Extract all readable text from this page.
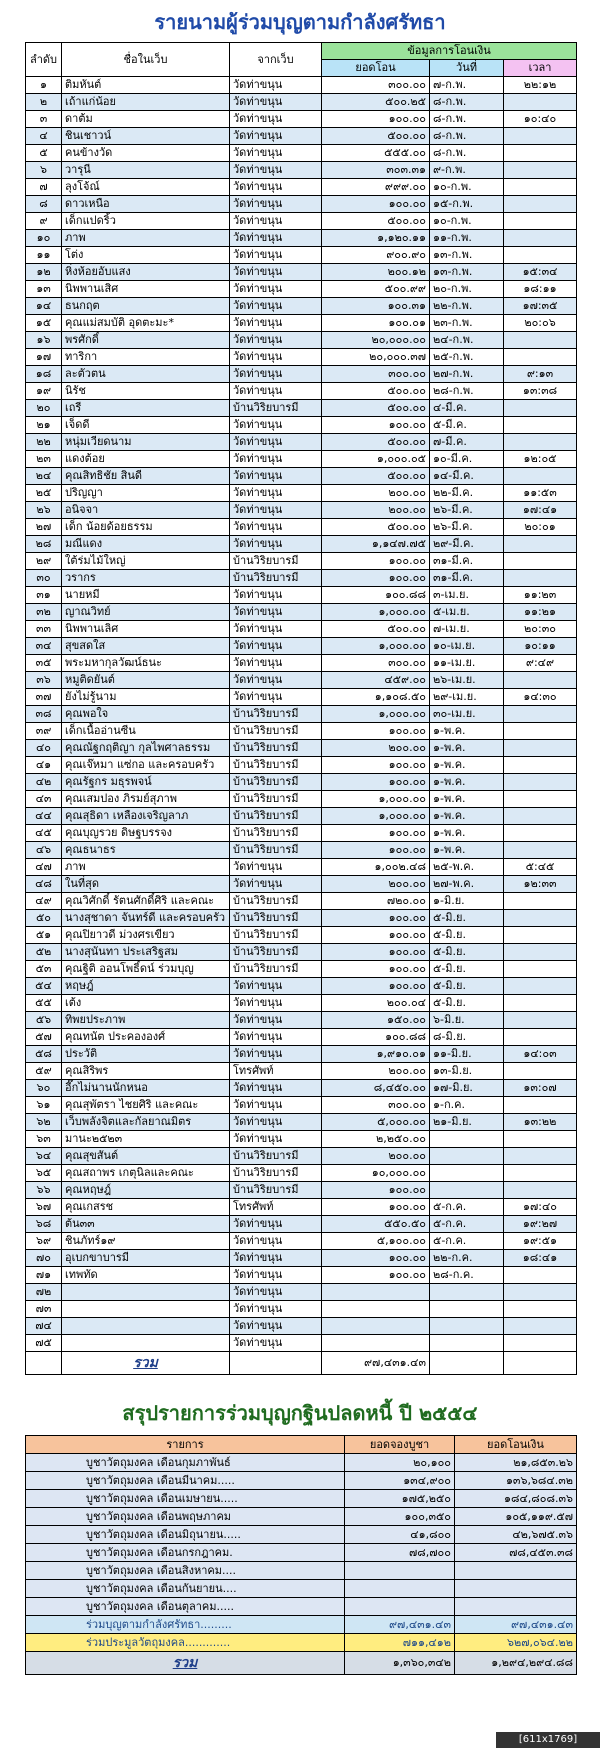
รายนามผู้ร่วมบุญตามกำลังศรัทธา
ลำดับ	ชื่อในเว็บ	จากเว็บ	ข้อมูลการโอนเงิน		
			ยอดโอน	วันที่	เวลา
๑	ติมหันต์	วัดท่าขนุน	๓๐๐.๐๐	๗-ก.พ.	๒๒:๑๒
๒	เถ้าแก่น้อย	วัดท่าขนุน	๕๐๐.๒๕	๘-ก.พ.	
๓	ดาต้ม	วัดท่าขนุน	๑๐๐.๐๐	๘-ก.พ.	๑๐:๔๐
๔	ชินเชาวน์	วัดท่าขนุน	๕๐๐.๐๐	๘-ก.พ.	
๕	คนข้างวัด	วัดท่าขนุน	๕๕๕.๐๐	๘-ก.พ.	
๖	วารุนี	วัดท่าขนุน	๓๐๓.๓๑	๙-ก.พ.	
๗	ลุงโจ้ณ์	วัดท่าขนุน	๙๙๙.๐๐	๑๐-ก.พ.	
๘	ดาวเหนือ	วัดท่าขนุน	๑๐๐.๐๐	๑๕-ก.พ.	
๙	เด็กแปดริ้ว	วัดท่าขนุน	๕๐๐.๐๐	๑๐-ก.พ.	
๑๐	ภาพ	วัดท่าขนุน	๑,๑๒๐.๑๑	๑๑-ก.พ.	
๑๑	โต่ง	วัดท่าขนุน	๙๐๐.๙๐	๑๓-ก.พ.	
๑๒	หิ่งห้อยอับแสง	วัดท่าขนุน	๒๐๐.๑๒	๑๓-ก.พ.	๑๕:๓๔
๑๓	นิพพานเสิศ	วัดท่าขนุน	๕๐๐.๙๙	๒๐-ก.พ.	๑๘:๑๑
๑๔	ธนกฤต	วัดท่าขนุน	๑๐๐.๓๑	๒๒-ก.พ.	๑๗:๓๕
๑๕	คุณแม่สมบัติ อุดตะมะ*	วัดท่าขนุน	๑๐๐.๐๑	๒๓-ก.พ.	๒๐:๐๖
๑๖	พรศักดิ์	วัดท่าขนุน	๒๐,๐๐๐.๐๐	๒๔-ก.พ.	
๑๗	ทาริกา	วัดท่าขนุน	๒๐,๐๐๐.๓๗	๒๕-ก.พ.	
๑๘	ละตัวตน	วัดท่าขนุน	๓๐๐.๐๐	๒๗-ก.พ.	๙:๑๓
๑๙	นิรัช	วัดท่าขนุน	๕๐๐.๐๐	๒๘-ก.พ.	๑๓:๓๘
๒๐	เถรี	บ้านวิริยบารมี	๕๐๐.๐๐	๔-มี.ค.	
๒๑	เจ็ดดี	วัดท่าขนุน	๑๐๐.๐๐	๕-มี.ค.	
๒๒	หนุ่มเวียดนาม	วัดท่าขนุน	๕๐๐.๐๐	๗-มี.ค.	
๒๓	แดงต้อย	วัดท่าขนุน	๑,๐๐๐.๐๕	๑๐-มี.ค.	๑๒:๐๕
๒๔	คุณสิทธิชัย สินดี	วัดท่าขนุน	๕๐๐.๐๐	๑๔-มี.ค.	
๒๕	ปริญญา	วัดท่าขนุน	๒๐๐.๐๐	๒๒-มี.ค.	๑๑:๕๓
๒๖	อนิจจา	วัดท่าขนุน	๒๐๐.๐๐	๒๖-มี.ค.	๑๗:๔๑
๒๗	เด็ก น้อยด้อยธรรม	วัดท่าขนุน	๕๐๐.๐๐	๒๖-มี.ค.	๒๐:๐๑
๒๘	มณีแดง	วัดท่าขนุน	๑,๑๔๗.๗๕	๒๙-มี.ค.	
๒๙	ใต้ร่มไม้ใหญ่	บ้านวิริยบารมี	๑๐๐.๐๐	๓๑-มี.ค.	
๓๐	วรากร	บ้านวิริยบารมี	๑๐๐.๐๐	๓๑-มี.ค.	
๓๑	นายหมี	วัดท่าขนุน	๑๐๐.๘๘	๓-เม.ย.	๑๑:๒๓
๓๒	ญาณวิทย์	วัดท่าขนุน	๑,๐๐๐.๐๐	๕-เม.ย.	๑๑:๒๑
๓๓	นิพพานเลิศ	วัดท่าขนุน	๕๐๐.๐๐	๗-เม.ย.	๒๐:๓๐
๓๔	สุขสดใส	วัดท่าขนุน	๑,๐๐๐.๐๐	๑๐-เม.ย.	๑๐:๑๑
๓๕	พระมหากุลวัฒน์ธนะ	วัดท่าขนุน	๓๐๐.๐๐	๑๑-เม.ย.	๙:๔๙
๓๖	หมูติดยันต์	วัดท่าขนุน	๔๕๙.๐๐	๒๖-เม.ย.	
๓๗	ยังไม่รู้นาม	วัดท่าขนุน	๑,๑๐๘.๕๐	๒๙-เม.ย.	๑๔:๓๐
๓๘	คุณพอใจ	บ้านวิริยบารมี	๑,๐๐๐.๐๐	๓๐-เม.ย.	
๓๙	เด็กเนื้ออ่านซีน	บ้านวิริยบารมี	๑๐๐.๐๐	๑-พ.ค.	
๔๐	คุณณัฐกฤติญา กุลไพศาลธรรม	บ้านวิริยบารมี	๒๐๐.๐๐	๑-พ.ค.	
๔๑	คุณเจ๊หมา แซ่กอ และครอบครัว	บ้านวิริยบารมี	๑๐๐.๐๐	๑-พ.ค.	
๔๒	คุณรัฐกร มธุรพจน์	บ้านวิริยบารมี	๑๐๐.๐๐	๑-พ.ค.	
๔๓	คุณเสมปอง ภิรมย์สุภาพ	บ้านวิริยบารมี	๑,๐๐๐.๐๐	๑-พ.ค.	
๔๔	คุณสุธิดา เหลืองเจริญลาภ	บ้านวิริยบารมี	๑,๐๐๐.๐๐	๑-พ.ค.	
๔๕	คุณบุญรวย ดิษฐบรรจง	บ้านวิริยบารมี	๑๐๐.๐๐	๑-พ.ค.	
๔๖	คุณธนาธร	บ้านวิริยบารมี	๑๐๐.๐๐	๑-พ.ค.	
๔๗	ภาพ	วัดท่าขนุน	๑,๐๐๒.๔๘	๒๕-พ.ค.	๕:๔๕
๔๘	ในที่สุด	วัดท่าขนุน	๒๐๐.๐๐	๒๗-พ.ค.	๑๒:๓๓
๔๙	คุณวิศักดิ์ รัตนศักดิ์ศิริ และคณะ	บ้านวิริยบารมี	๗๒๐.๐๐	๑-มิ.ย.	
๕๐	นางสุชาดา จันทร์ดี และครอบครัว	บ้านวิริยบารมี	๑๐๐.๐๐	๕-มิ.ย.	
๕๑	คุณปิยาวดี ม่วงศรเขียว	บ้านวิริยบารมี	๑๐๐.๐๐	๕-มิ.ย.	
๕๒	นางสุนันทา ประเสริฐสม	บ้านวิริยบารมี	๑๐๐.๐๐	๕-มิ.ย.	
๕๓	คุณฐิติ ออนโพธิ์ดน์ ร่วมบุญ	บ้านวิริยบารมี	๑๐๐.๐๐	๕-มิ.ย.	
๕๔	หฤษฎ์	วัดท่าขนุน	๑๐๐.๐๐	๕-มิ.ย.	
๕๕	เต้ง	วัดท่าขนุน	๒๐๐.๐๔	๕-มิ.ย.	
๕๖	ทิพยประภาพ	วัดท่าขนุน	๑๕๐.๐๐	๖-มิ.ย.	
๕๗	คุณทนัต ประคององศ์	วัดท่าขนุน	๑๐๐.๘๘	๘-มิ.ย.	
๕๘	ประวัติ	วัดท่าขนุน	๑,๙๑๐.๐๑	๑๑-มิ.ย.	๑๔:๐๓
๕๙	คุณสิริพร	โทรศัพท์	๒๐๐.๐๐	๑๓-มิ.ย.	
๖๐	อี๊กไม่นานนักหนอ	วัดท่าขนุน	๘,๔๕๐.๐๐	๑๗-มิ.ย.	๑๓:๐๗
๖๑	คุณสุพัตรา ไชยศิริ และคณะ	วัดท่าขนุน	๓๐๐.๐๐	๑-ก.ค.	
๖๒	เว็บพลังจิตและกัลยาณมิตร	วัดท่าขนุน	๕,๐๐๐.๐๐	๒๑-มิ.ย.	๑๓:๒๒
๖๓	มานะ๒๕๒๓	วัดท่าขนุน	๒,๒๕๐.๐๐		
๖๔	คุณสุขสันต์	บ้านวิริยบารมี	๒๐๐.๐๐		
๖๕	คุณสถาพร เกตุนิลและคณะ	บ้านวิริยบารมี	๑๐,๐๐๐.๐๐		
๖๖	คุณหฤษฎ์	บ้านวิริยบารมี	๑๐๐.๐๐		
๖๗	คุณเกสรช	โทรศัพท์	๑๐๐.๐๐	๕-ก.ค.	๑๗:๔๐
๖๘	ต้น๓๓	วัดท่าขนุน	๕๕๐.๕๐	๕-ก.ค.	๑๙:๒๗
๖๙	ชินภัทร์๑๙	วัดท่าขนุน	๕,๑๐๐.๐๐	๕-ก.ค.	๑๙:๕๑
๗๐	อุเบกขาบารมี	วัดท่าขนุน	๑๐๐.๐๐	๒๒-ก.ค.	๑๘:๔๑
๗๑	เทพทัด	วัดท่าขนุน	๑๐๐.๐๐	๒๘-ก.ค.	
๗๒		วัดท่าขนุน			
๗๓		วัดท่าขนุน			
๗๔		วัดท่าขนุน			
๗๕		วัดท่าขนุน			
	รวม		๙๗,๔๓๑.๔๓		
สรุปรายการร่วมบุญกฐินปลดหนี้ ปี ๒๕๕๔
รายการ	ยอดจองบูชา	ยอดโอนเงิน
บูชาวัตถุมงคล เดือนกุมภาพันธ์	๒๐,๑๐๐	๒๑,๘๕๓.๒๖
บูชาวัตถุมงคล เดือนมีนาคม.....	๑๓๔,๙๐๐	๑๓๖,๖๘๔.๓๒
บูชาวัตถุมงคล เดือนเมษายน.....	๑๗๕,๒๕๐	๑๘๔,๘๐๘.๓๖
บูชาวัตถุมงคล เดือนพฤษภาคม	๑๐๐,๓๕๐	๑๐๕,๑๑๙.๕๗
บูชาวัตถุมงคล เดือนมิถุนายน.....	๔๑,๘๐๐	๔๒,๖๗๕.๓๖
บูชาวัตถุมงคล เดือนกรกฎาคม.	๗๘,๗๐๐	๗๘,๔๕๓.๓๘
บูชาวัตถุมงคล เดือนสิงหาคม....		
บูชาวัตถุมงคล เดือนกันยายน....		
บูชาวัตถุมงคล เดือนตุลาคม.....		
ร่วมบุญตามกำลังศรัทธา.........	๙๗,๔๓๑.๔๓	๙๗,๔๓๑.๔๓
ร่วมประมูลวัตถุมงคล.............	๗๑๑,๔๑๒	๖๒๗,๐๖๔.๒๒
รวม	๑,๓๖๐,๓๔๒	๑,๒๙๔,๒๙๔.๘๘
[611x1769] https://upic.me/
